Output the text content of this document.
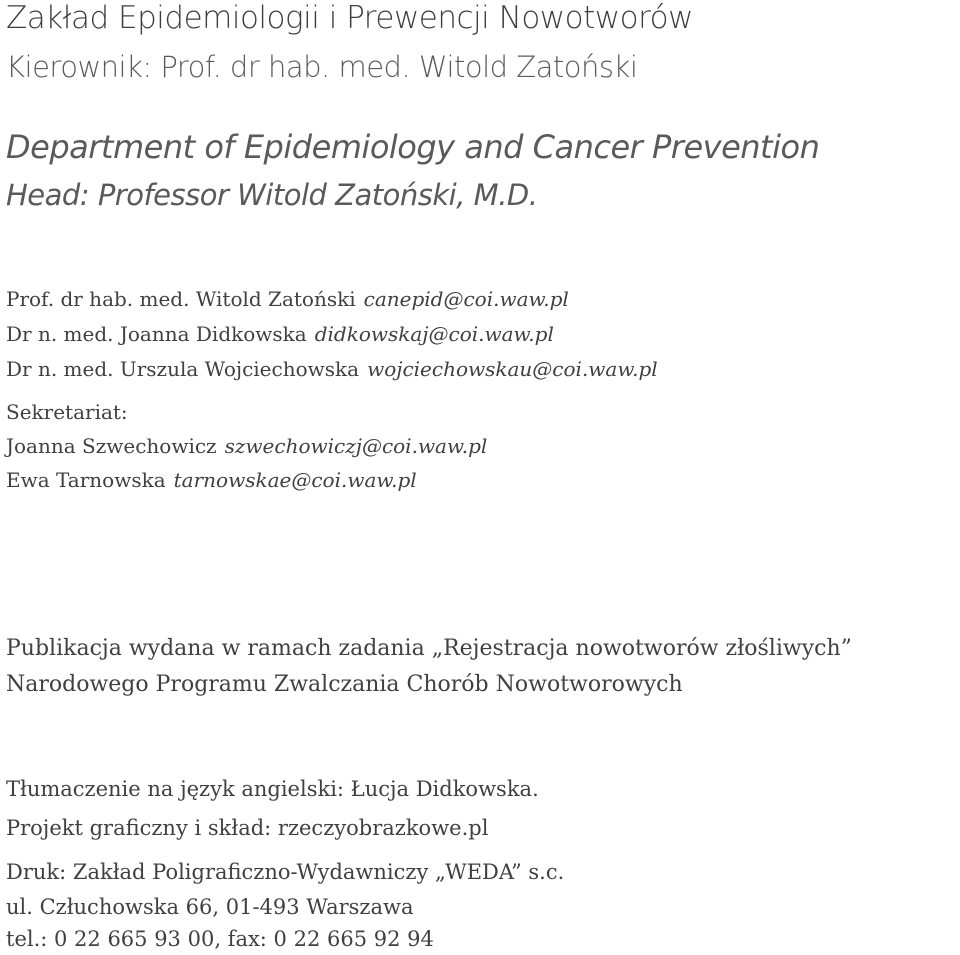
Zakład Epidemiologii i Prewencji Nowotworów
Kierownik: Prof. dr hab. med. Witold Zatoński
Department of Epidemiology and Cancer Prevention
Head: Professor Witold Zatoński, M.D.
Prof. dr hab. med. Witold Zatoński canepid@coi.waw.pl
Dr n. med. Joanna Didkowska didkowskaj@coi.waw.pl
Dr n. med. Urszula Wojciechowska wojciechowskau@coi.waw.pl
Sekretariat:
Joanna Szwechowicz szwechowiczj@coi.waw.pl
Ewa Tarnowska tarnowskae@coi.waw.pl
Publikacja wydana w ramach zadania „Rejestracja nowotworów złośliwych”
Narodowego Programu Zwalczania Chorób Nowotworowych
Tłumaczenie na język angielski: Łucja Didkowska.
Projekt graficzny i skład: rzeczyobrazkowe.pl
Druk: Zakład Poligraficzno-Wydawniczy „WEDA” s.c.
ul. Człuchowska 66, 01-493 Warszawa
tel.: 0 22 665 93 00, fax: 0 22 665 92 94
